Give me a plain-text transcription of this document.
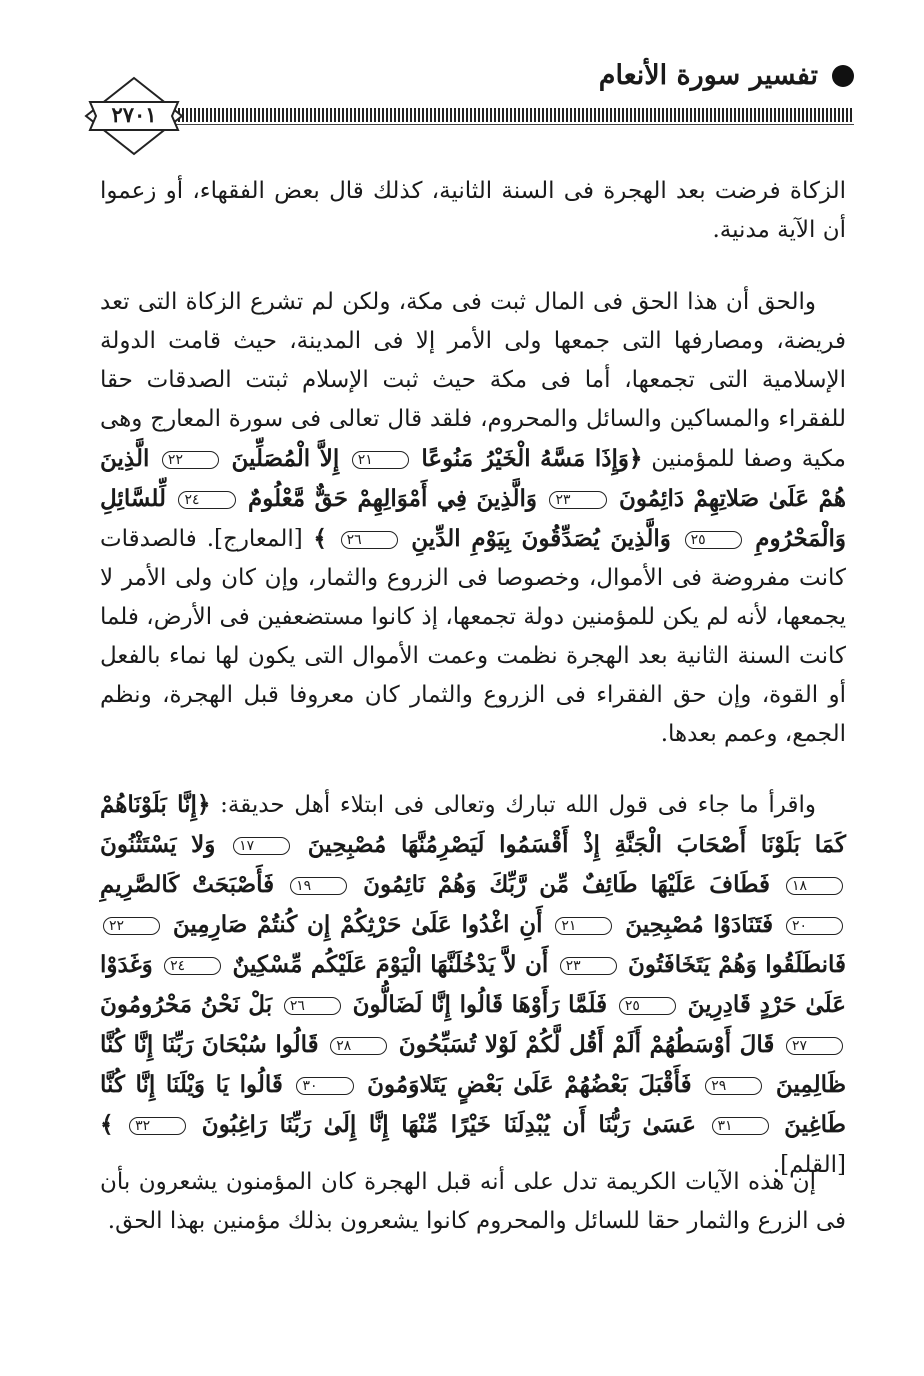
تفسير سورة الأنعام
٢٧٠١

الزكاة فرضت بعد الهجرة فى السنة الثانية، كذلك قال بعض الفقهاء، أو زعموا أن الآية مدنية.

والحق أن هذا الحق فى المال ثبت فى مكة، ولكن لم تشرع الزكاة التى تعد فريضة، ومصارفها التى جمعها ولى الأمر إلا فى المدينة، حيث قامت الدولة الإسلامية التى تجمعها، أما فى مكة حيث ثبت الإسلام ثبتت الصدقات حقا للفقراء والمساكين والسائل والمحروم، فلقد قال تعالى فى سورة المعارج وهى مكية وصفا للمؤمنين ﴿وَإِذَا مَسَّهُ الْخَيْرُ مَنُوعًا ٢١ إِلاَّ الْمُصَلِّينَ ٢٢ الَّذِينَ هُمْ عَلَىٰ صَلاتِهِمْ دَائِمُونَ ٢٣ وَالَّذِينَ فِي أَمْوَالِهِمْ حَقٌّ مَّعْلُومٌ ٢٤ لِّلسَّائِلِ وَالْمَحْرُومِ ٢٥ وَالَّذِينَ يُصَدِّقُونَ بِيَوْمِ الدِّينِ ٢٦ ﴾ [المعارج]. فالصدقات كانت مفروضة فى الأموال، وخصوصا فى الزروع والثمار، وإن كان ولى الأمر لا يجمعها، لأنه لم يكن للمؤمنين دولة تجمعها، إذ كانوا مستضعفين فى الأرض، فلما كانت السنة الثانية بعد الهجرة نظمت وعمت الأموال التى يكون لها نماء بالفعل أو القوة، وإن حق الفقراء فى الزروع والثمار كان معروفا قبل الهجرة، ونظم الجمع، وعمم بعدها.

واقرأ ما جاء فى قول الله تبارك وتعالى فى ابتلاء أهل حديقة: ﴿إِنَّا بَلَوْنَاهُمْ كَمَا بَلَوْنَا أَصْحَابَ الْجَنَّةِ إِذْ أَقْسَمُوا لَيَصْرِمُنَّهَا مُصْبِحِينَ ١٧ وَلا يَسْتَثْنُونَ ١٨ فَطَافَ عَلَيْهَا طَائِفٌ مِّن رَّبِّكَ وَهُمْ نَائِمُونَ ١٩ فَأَصْبَحَتْ كَالصَّرِيمِ ٢٠ فَتَنَادَوْا مُصْبِحِينَ ٢١ أَنِ اغْدُوا عَلَىٰ حَرْثِكُمْ إِن كُنتُمْ صَارِمِينَ ٢٢ فَانطَلَقُوا وَهُمْ يَتَخَافَتُونَ ٢٣ أَن لاَّ يَدْخُلَنَّهَا الْيَوْمَ عَلَيْكُم مِّسْكِينٌ ٢٤ وَغَدَوْا عَلَىٰ حَرْدٍ قَادِرِينَ ٢٥ فَلَمَّا رَأَوْهَا قَالُوا إِنَّا لَضَالُّونَ ٢٦ بَلْ نَحْنُ مَحْرُومُونَ ٢٧ قَالَ أَوْسَطُهُمْ أَلَمْ أَقُل لَّكُمْ لَوْلا تُسَبِّحُونَ ٢٨ قَالُوا سُبْحَانَ رَبِّنَا إِنَّا كُنَّا ظَالِمِينَ ٢٩ فَأَقْبَلَ بَعْضُهُمْ عَلَىٰ بَعْضٍ يَتَلاوَمُونَ ٣٠ قَالُوا يَا وَيْلَنَا إِنَّا كُنَّا طَاغِينَ ٣١ عَسَىٰ رَبُّنَا أَن يُبْدِلَنَا خَيْرًا مِّنْهَا إِنَّا إِلَىٰ رَبِّنَا رَاغِبُونَ ٣٢ ﴾ [القلم].

إن هذه الآيات الكريمة تدل على أنه قبل الهجرة كان المؤمنون يشعرون بأن فى الزرع والثمار حقا للسائل والمحروم كانوا يشعرون بذلك مؤمنين بهذا الحق.
